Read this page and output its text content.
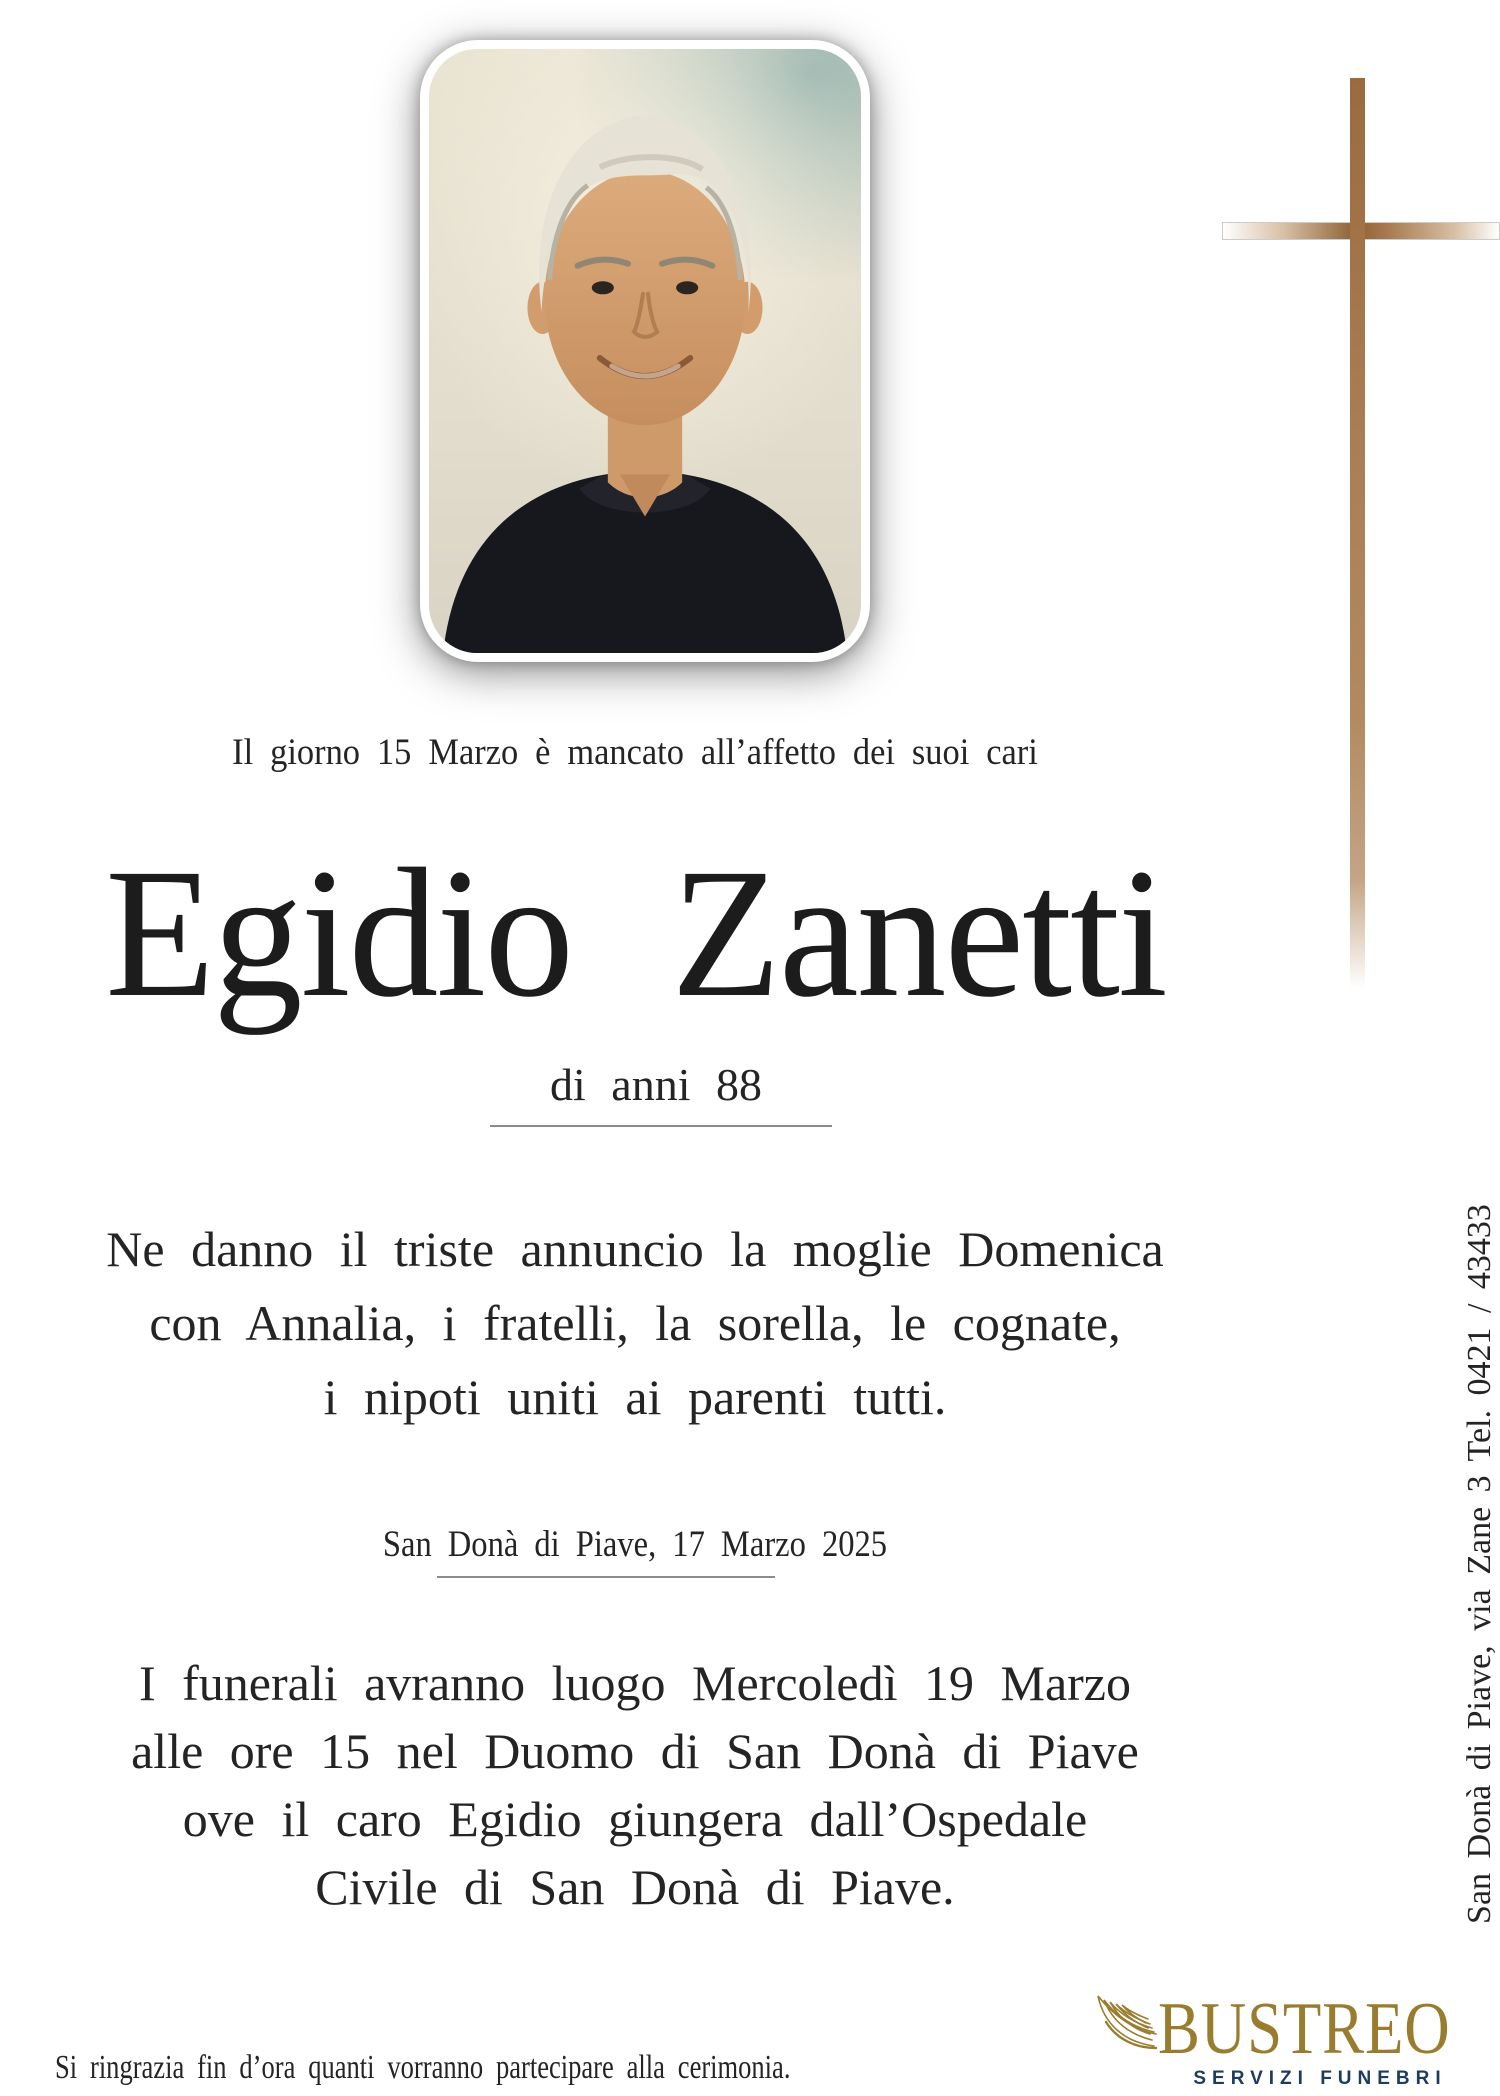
Il giorno 15 Marzo è mancato all’affetto dei suoi cari
Egidio Zanetti
di anni 88
Ne danno il triste annuncio la moglie Domenica
con Annalia, i fratelli, la sorella, le cognate,
i nipoti uniti ai parenti tutti.
San Donà di Piave, 17 Marzo 2025
I funerali avranno luogo Mercoledì 19 Marzo
alle ore 15 nel Duomo di San Donà di Piave
ove il caro Egidio giungera dall’Ospedale
Civile di San Donà di Piave.
Si ringrazia fin d’ora quanti vorranno partecipare alla cerimonia.
San Donà di Piave, via Zane 3 Tel. 0421 / 43433
BUSTREO
SERVIZI FUNEBRI
